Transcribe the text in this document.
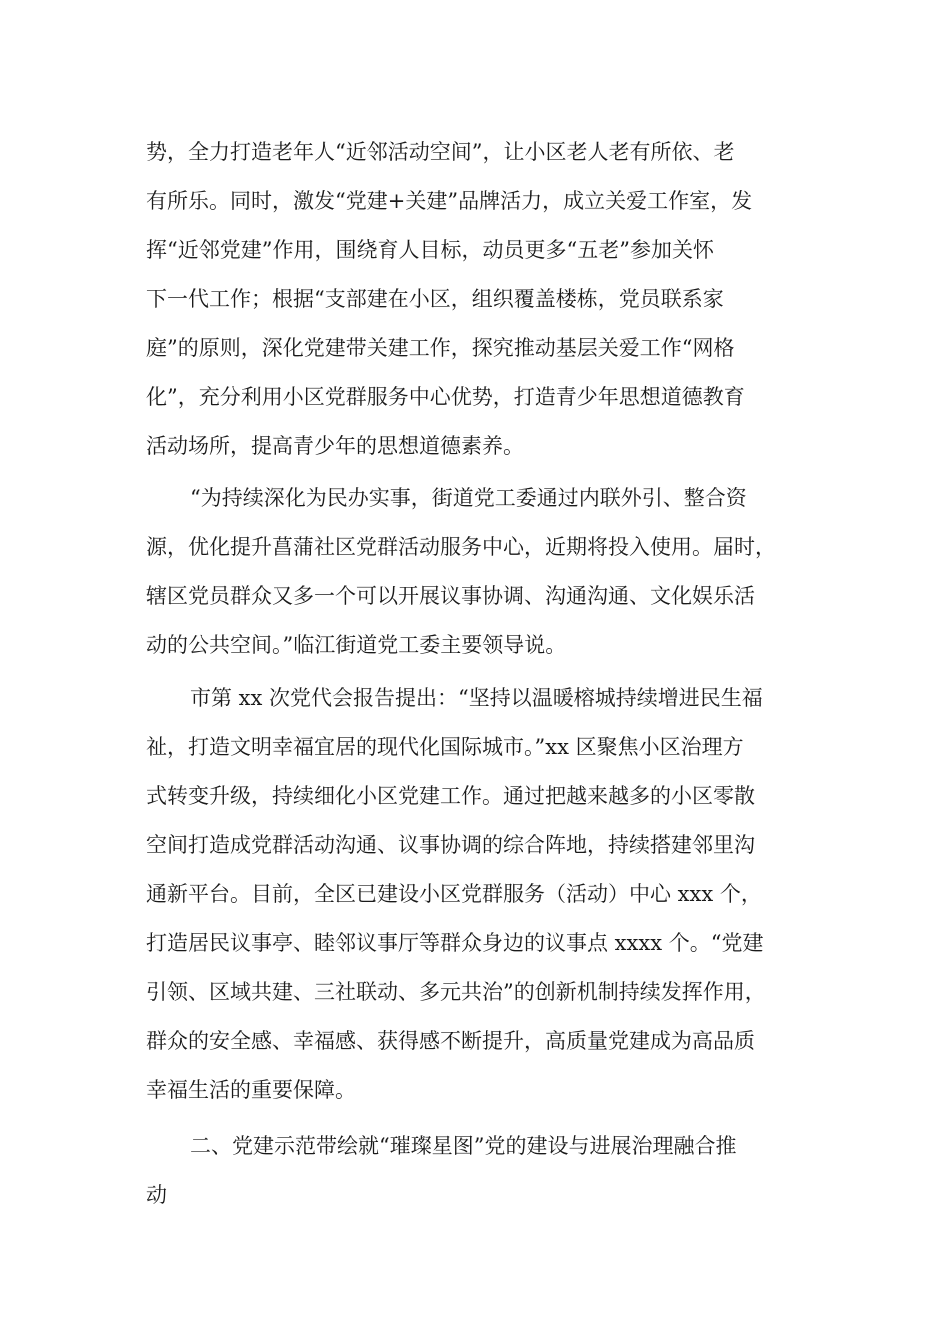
势，全力打造老年人“近邻活动空间”，让小区老人老有所依、老
有所乐。同时，激发“党建+关建”品牌活力，成立关爱工作室，发
挥“近邻党建”作用，围绕育人目标，动员更多“五老”参加关怀
下一代工作；根据“支部建在小区，组织覆盖楼栋，党员联系家
庭”的原则，深化党建带关建工作，探究推动基层关爱工作“网格
化”，充分利用小区党群服务中心优势，打造青少年思想道德教育
活动场所，提高青少年的思想道德素养。
“为持续深化为民办实事，街道党工委通过内联外引、整合资
源，优化提升菖蒲社区党群活动服务中心，近期将投入使用。届时，
辖区党员群众又多一个可以开展议事协调、沟通沟通、文化娱乐活
动的公共空间。”临江街道党工委主要领导说。
市第 xx 次党代会报告提出：“坚持以温暖榕城持续增进民生福
祉，打造文明幸福宜居的现代化国际城市。”xx 区聚焦小区治理方
式转变升级，持续细化小区党建工作。通过把越来越多的小区零散
空间打造成党群活动沟通、议事协调的综合阵地，持续搭建邻里沟
通新平台。目前，全区已建设小区党群服务（活动）中心 xxx 个，
打造居民议事亭、睦邻议事厅等群众身边的议事点 xxxx 个。“党建
引领、区域共建、三社联动、多元共治”的创新机制持续发挥作用，
群众的安全感、幸福感、获得感不断提升，高质量党建成为高品质
幸福生活的重要保障。
二、党建示范带绘就“璀璨星图”党的建设与进展治理融合推
动
